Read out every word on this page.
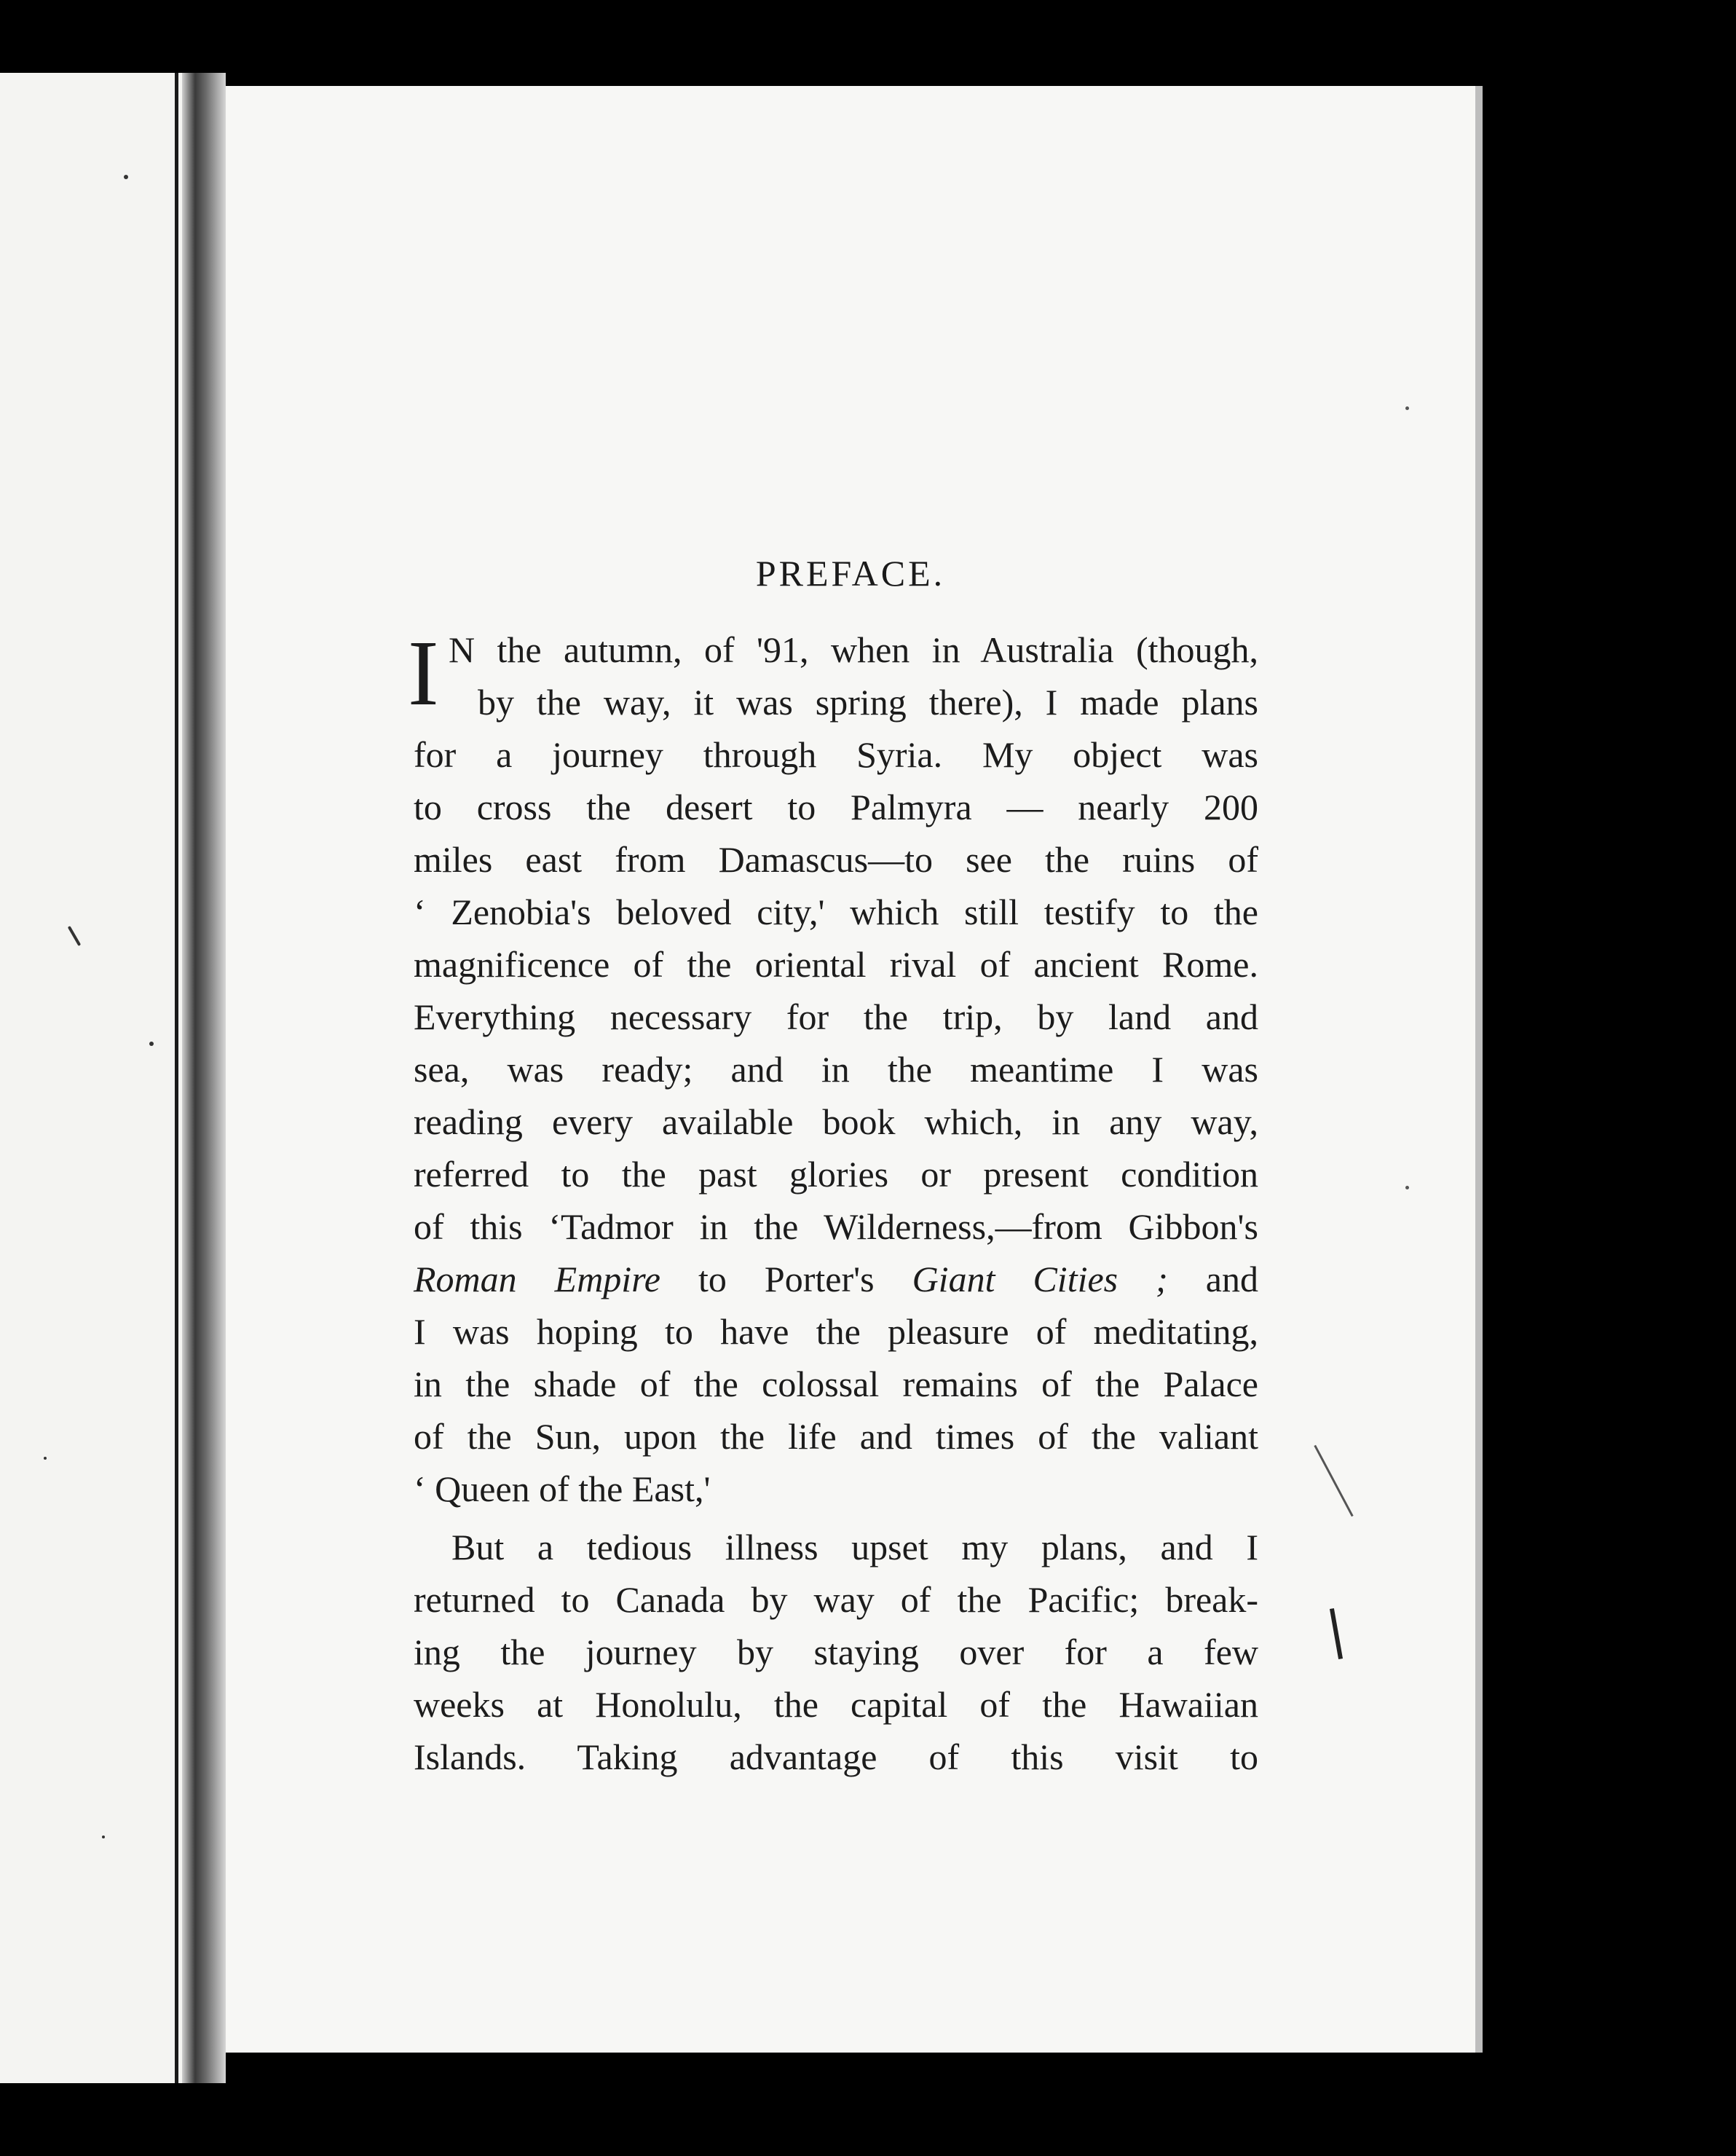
PREFACE.
I N the autumn, of '91, when in Australia (though,
by the way, it was spring there), I made plans
for a journey through Syria. My object was
to cross the desert to Palmyra — nearly 200
miles east from Damascus—to see the ruins of
‘ Zenobia's beloved city,' which still testify to the
magnificence of the oriental rival of ancient Rome.
Everything necessary for the trip, by land and
sea, was ready; and in the meantime I was
reading every available book which, in any way,
referred to the past glories or present condition
of this ‘Tadmor in the Wilderness,—from Gibbon's
Roman Empire to Porter's Giant Cities ; and
I was hoping to have the pleasure of meditating,
in the shade of the colossal remains of the Palace
of the Sun, upon the life and times of the valiant
‘ Queen of the East,'
But a tedious illness upset my plans, and I
returned to Canada by way of the Pacific; break-
ing the journey by staying over for a few
weeks at Honolulu, the capital of the Hawaiian
Islands. Taking advantage of this visit to
